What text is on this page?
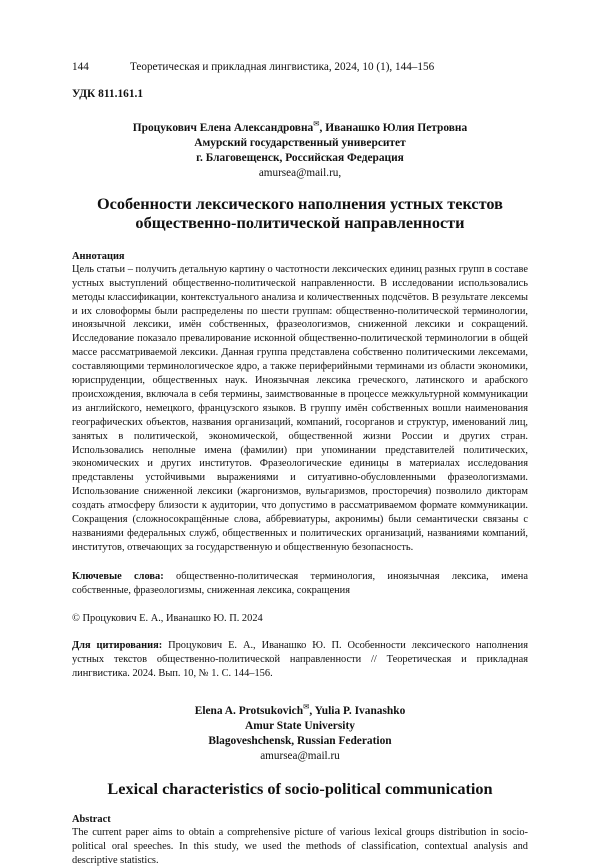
144	Теоретическая и прикладная лингвистика, 2024, 10 (1), 144–156
УДК 811.161.1
Процукович Елена Александровна✉, Иванашко Юлия Петровна
Амурский государственный университет
г. Благовещенск, Российская Федерация
amursea@mail.ru,
Особенности лексического наполнения устных текстов
общественно-политической направленности
Аннотация

Цель статьи – получить детальную картину о частотности лексических единиц разных групп в составе устных выступлений общественно-политической направленности. В исследовании использовались методы классификации, контекстуального анализа и количественных подсчётов. В результате лексемы и их словоформы были распределены по шести группам: общественно-политической терминологии, иноязычной лексики, имён собственных, фразеологизмов, сниженной лексики и сокращений. Исследование показало превалирование исконной общественно-политической терминологии в общей массе рассматриваемой лексики. Данная группа представлена собственно политическими лексемами, составляющими терминологическое ядро, а также периферийными терминами из области экономики, юриспруденции, общественных наук. Иноязычная лексика греческого, латинского и арабского происхождения, включала в себя термины, заимствованные в процессе межкультурной коммуникации из английского, немецкого, французского языков. В группу имён собственных вошли наименования географических объектов, названия организаций, компаний, госорганов и структур, именований лиц, занятых в политической, экономической, общественной жизни России и других стран. Использовались неполные имена (фамилии) при упоминании представителей политических, экономических и других институтов. Фразеологические единицы в материалах исследования представлены устойчивыми выражениями и ситуативно-обусловленными фразеологизмами. Использование сниженной лексики (жаргонизмов, вульгаризмов, просторечия) позволило дикторам создать атмосферу близости к аудитории, что допустимо в рассматриваемом формате коммуникации. Сокращения (сложносокращённые слова, аббревиатуры, акронимы) были семантически связаны с названиями федеральных служб, общественных и политических организаций, названиями компаний, институтов, отвечающих за государственную и общественную безопасность.

Ключевые слова: общественно-политическая терминология, иноязычная лексика, имена собственные, фразеологизмы, сниженная лексика, сокращения
© Процукович Е. А., Иванашко Ю. П. 2024
Для цитирования: Процукович Е. А., Иванашко Ю. П. Особенности лексического наполнения устных текстов общественно-политической направленности // Теоретическая и прикладная лингвистика. 2024. Вып. 10, № 1. С. 144–156.
Elena A. Protsukovich✉, Yulia P. Ivanashko
Amur State University
Blagoveshchensk, Russian Federation
amursea@mail.ru
Lexical characteristics of socio-political communication
Abstract

The current paper aims to obtain a comprehensive picture of various lexical groups distribution in socio-political oral speeches. In this study, we used the methods of classification, contextual analysis and descriptive statistics.
